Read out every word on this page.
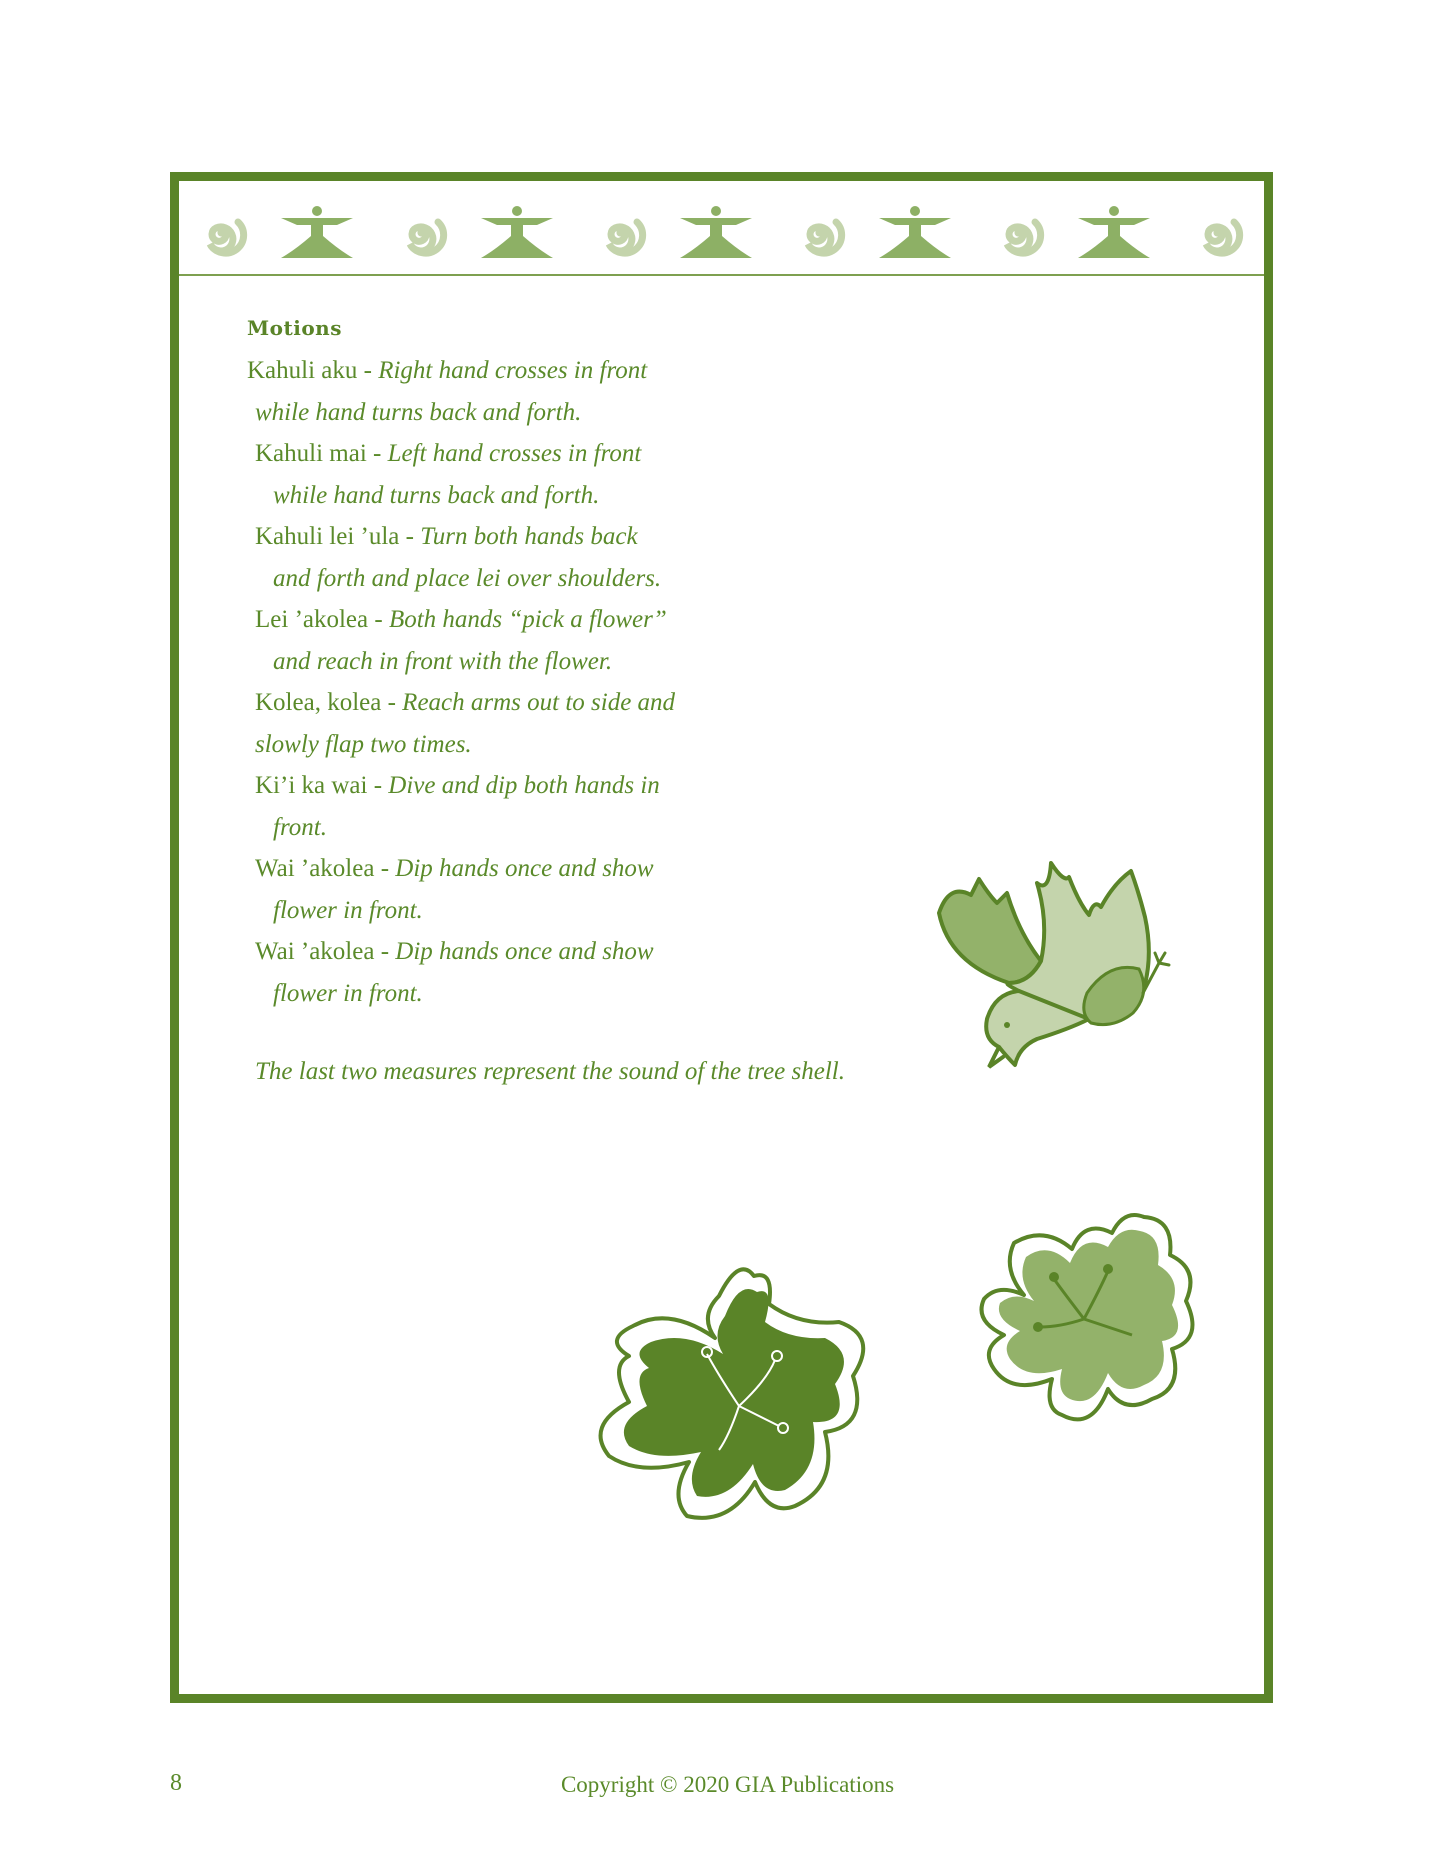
Motions
Kahuli aku - Right hand crosses in front
while hand turns back and forth.
Kahuli mai - Left hand crosses in front
while hand turns back and forth.
Kahuli lei ’ula - Turn both hands back
and forth and place lei over shoulders.
Lei ’akolea - Both hands “pick a flower”
and reach in front with the flower.
Kolea, kolea - Reach arms out to side and
slowly flap two times.
Ki’i ka wai - Dive and dip both hands in
front.
Wai ’akolea - Dip hands once and show
flower in front.
Wai ’akolea - Dip hands once and show
flower in front.
The last two measures represent the sound of the tree shell.
8	Copyright © 2020 GIA Publications
